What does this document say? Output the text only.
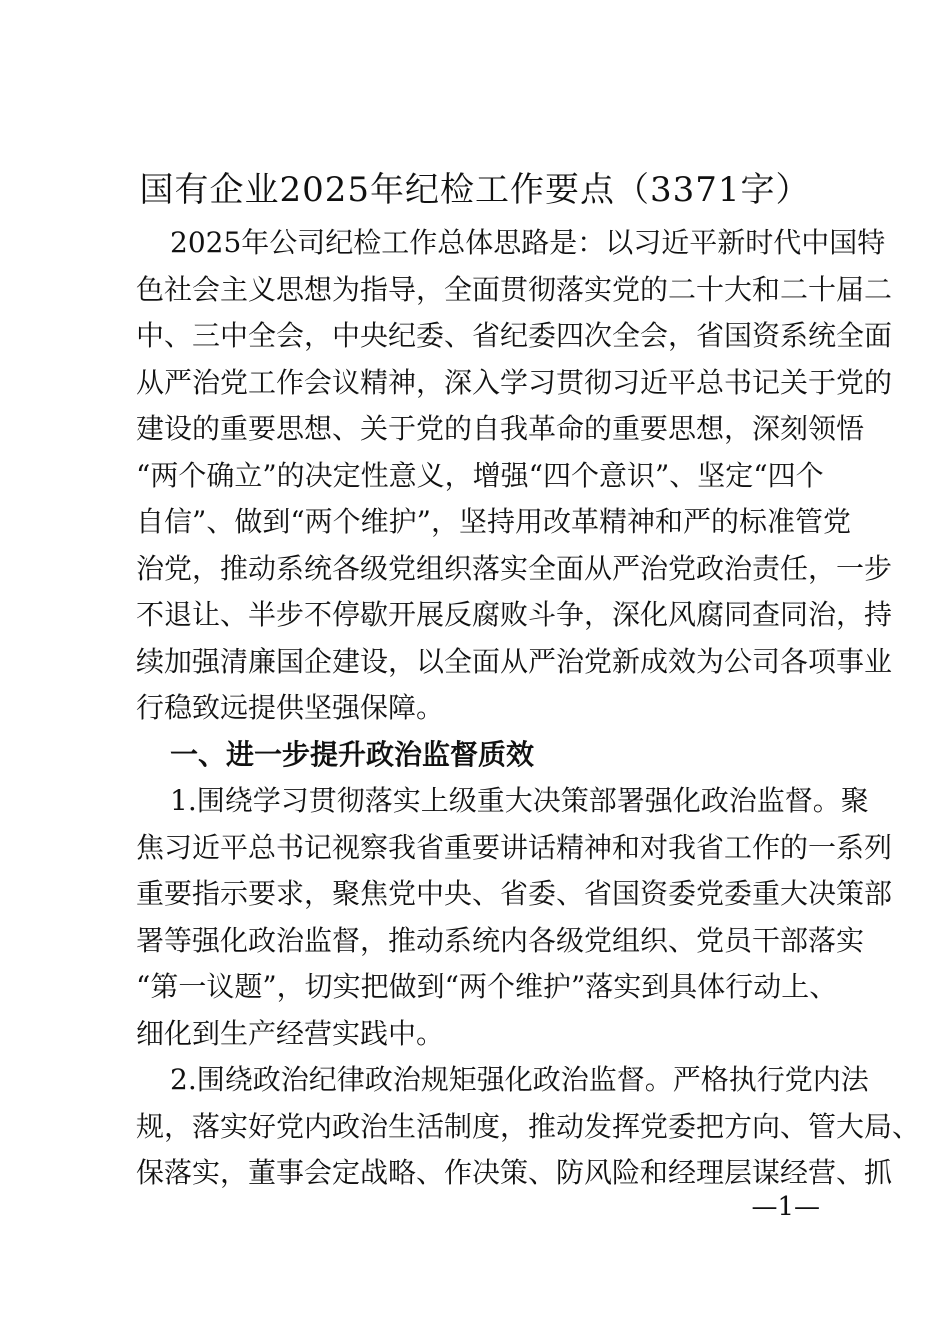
国有企业2025年纪检工作要点（3371字）
2025年公司纪检工作总体思路是：以习近平新时代中国特
色社会主义思想为指导，全面贯彻落实党的二十大和二十届二
中、三中全会，中央纪委、省纪委四次全会，省国资系统全面
从严治党工作会议精神，深入学习贯彻习近平总书记关于党的
建设的重要思想、关于党的自我革命的重要思想，深刻领悟
“两个确立”的决定性意义，增强“四个意识”、坚定“四个
自信”、做到“两个维护”，坚持用改革精神和严的标准管党
治党，推动系统各级党组织落实全面从严治党政治责任，一步
不退让、半步不停歇开展反腐败斗争，深化风腐同查同治，持
续加强清廉国企建设，以全面从严治党新成效为公司各项事业
行稳致远提供坚强保障。
一、进一步提升政治监督质效
1.围绕学习贯彻落实上级重大决策部署强化政治监督。聚
焦习近平总书记视察我省重要讲话精神和对我省工作的一系列
重要指示要求，聚焦党中央、省委、省国资委党委重大决策部
署等强化政治监督，推动系统内各级党组织、党员干部落实
“第一议题”，切实把做到“两个维护”落实到具体行动上、
细化到生产经营实践中。
2.围绕政治纪律政治规矩强化政治监督。严格执行党内法
规，落实好党内政治生活制度，推动发挥党委把方向、管大局、
保落实，董事会定战略、作决策、防风险和经理层谋经营、抓
—1—
